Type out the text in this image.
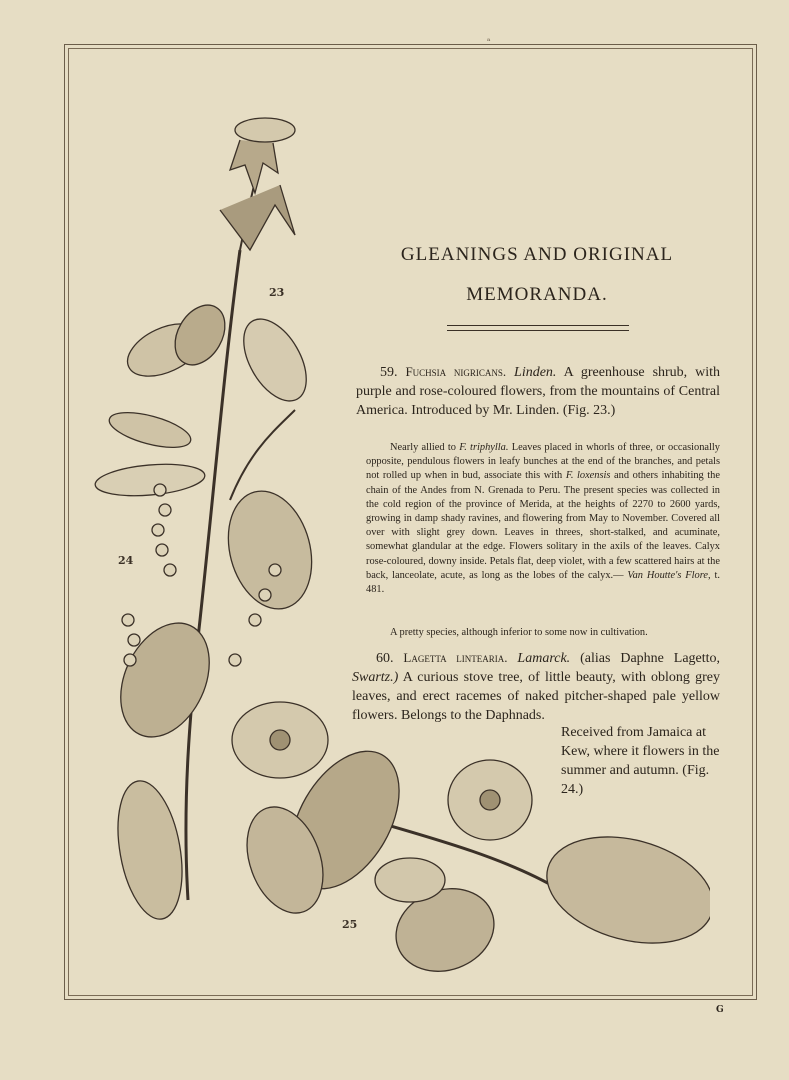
ᵃ
23
24
25
GLEANINGS AND ORIGINAL
MEMORANDA.
59. Fuchsia nigricans. Linden. A greenhouse shrub, with purple and rose-coloured flowers, from the mountains of Central America. Introduced by Mr. Linden. (Fig. 23.)
Nearly allied to F. triphylla. Leaves placed in whorls of three, or occasionally opposite, pendulous flowers in leafy bunches at the end of the branches, and petals not rolled up when in bud, associate this with F. loxensis and others inhabiting the chain of the Andes from N. Grenada to Peru. The present species was collected in the cold region of the province of Merida, at the heights of 2270 to 2600 yards, growing in damp shady ravines, and flowering from May to November. Covered all over with slight grey down. Leaves in threes, short-stalked, and acuminate, somewhat glandular at the edge. Flowers solitary in the axils of the leaves. Calyx rose-coloured, downy inside. Petals flat, deep violet, with a few scattered hairs at the back, lanceolate, acute, as long as the lobes of the calyx.— Van Houtte's Flore, t. 481.
A pretty species, although inferior to some now in cultivation.
60. Lagetta lintearia. Lamarck. (alias Daphne Lagetto, Swartz.) A curious stove tree, of little beauty, with oblong grey leaves, and erect racemes of naked pitcher-shaped pale yellow flowers. Belongs to the Daphnads.
Received from Jamaica at Kew, where it flowers in the summer and autumn. (Fig. 24.)
G
